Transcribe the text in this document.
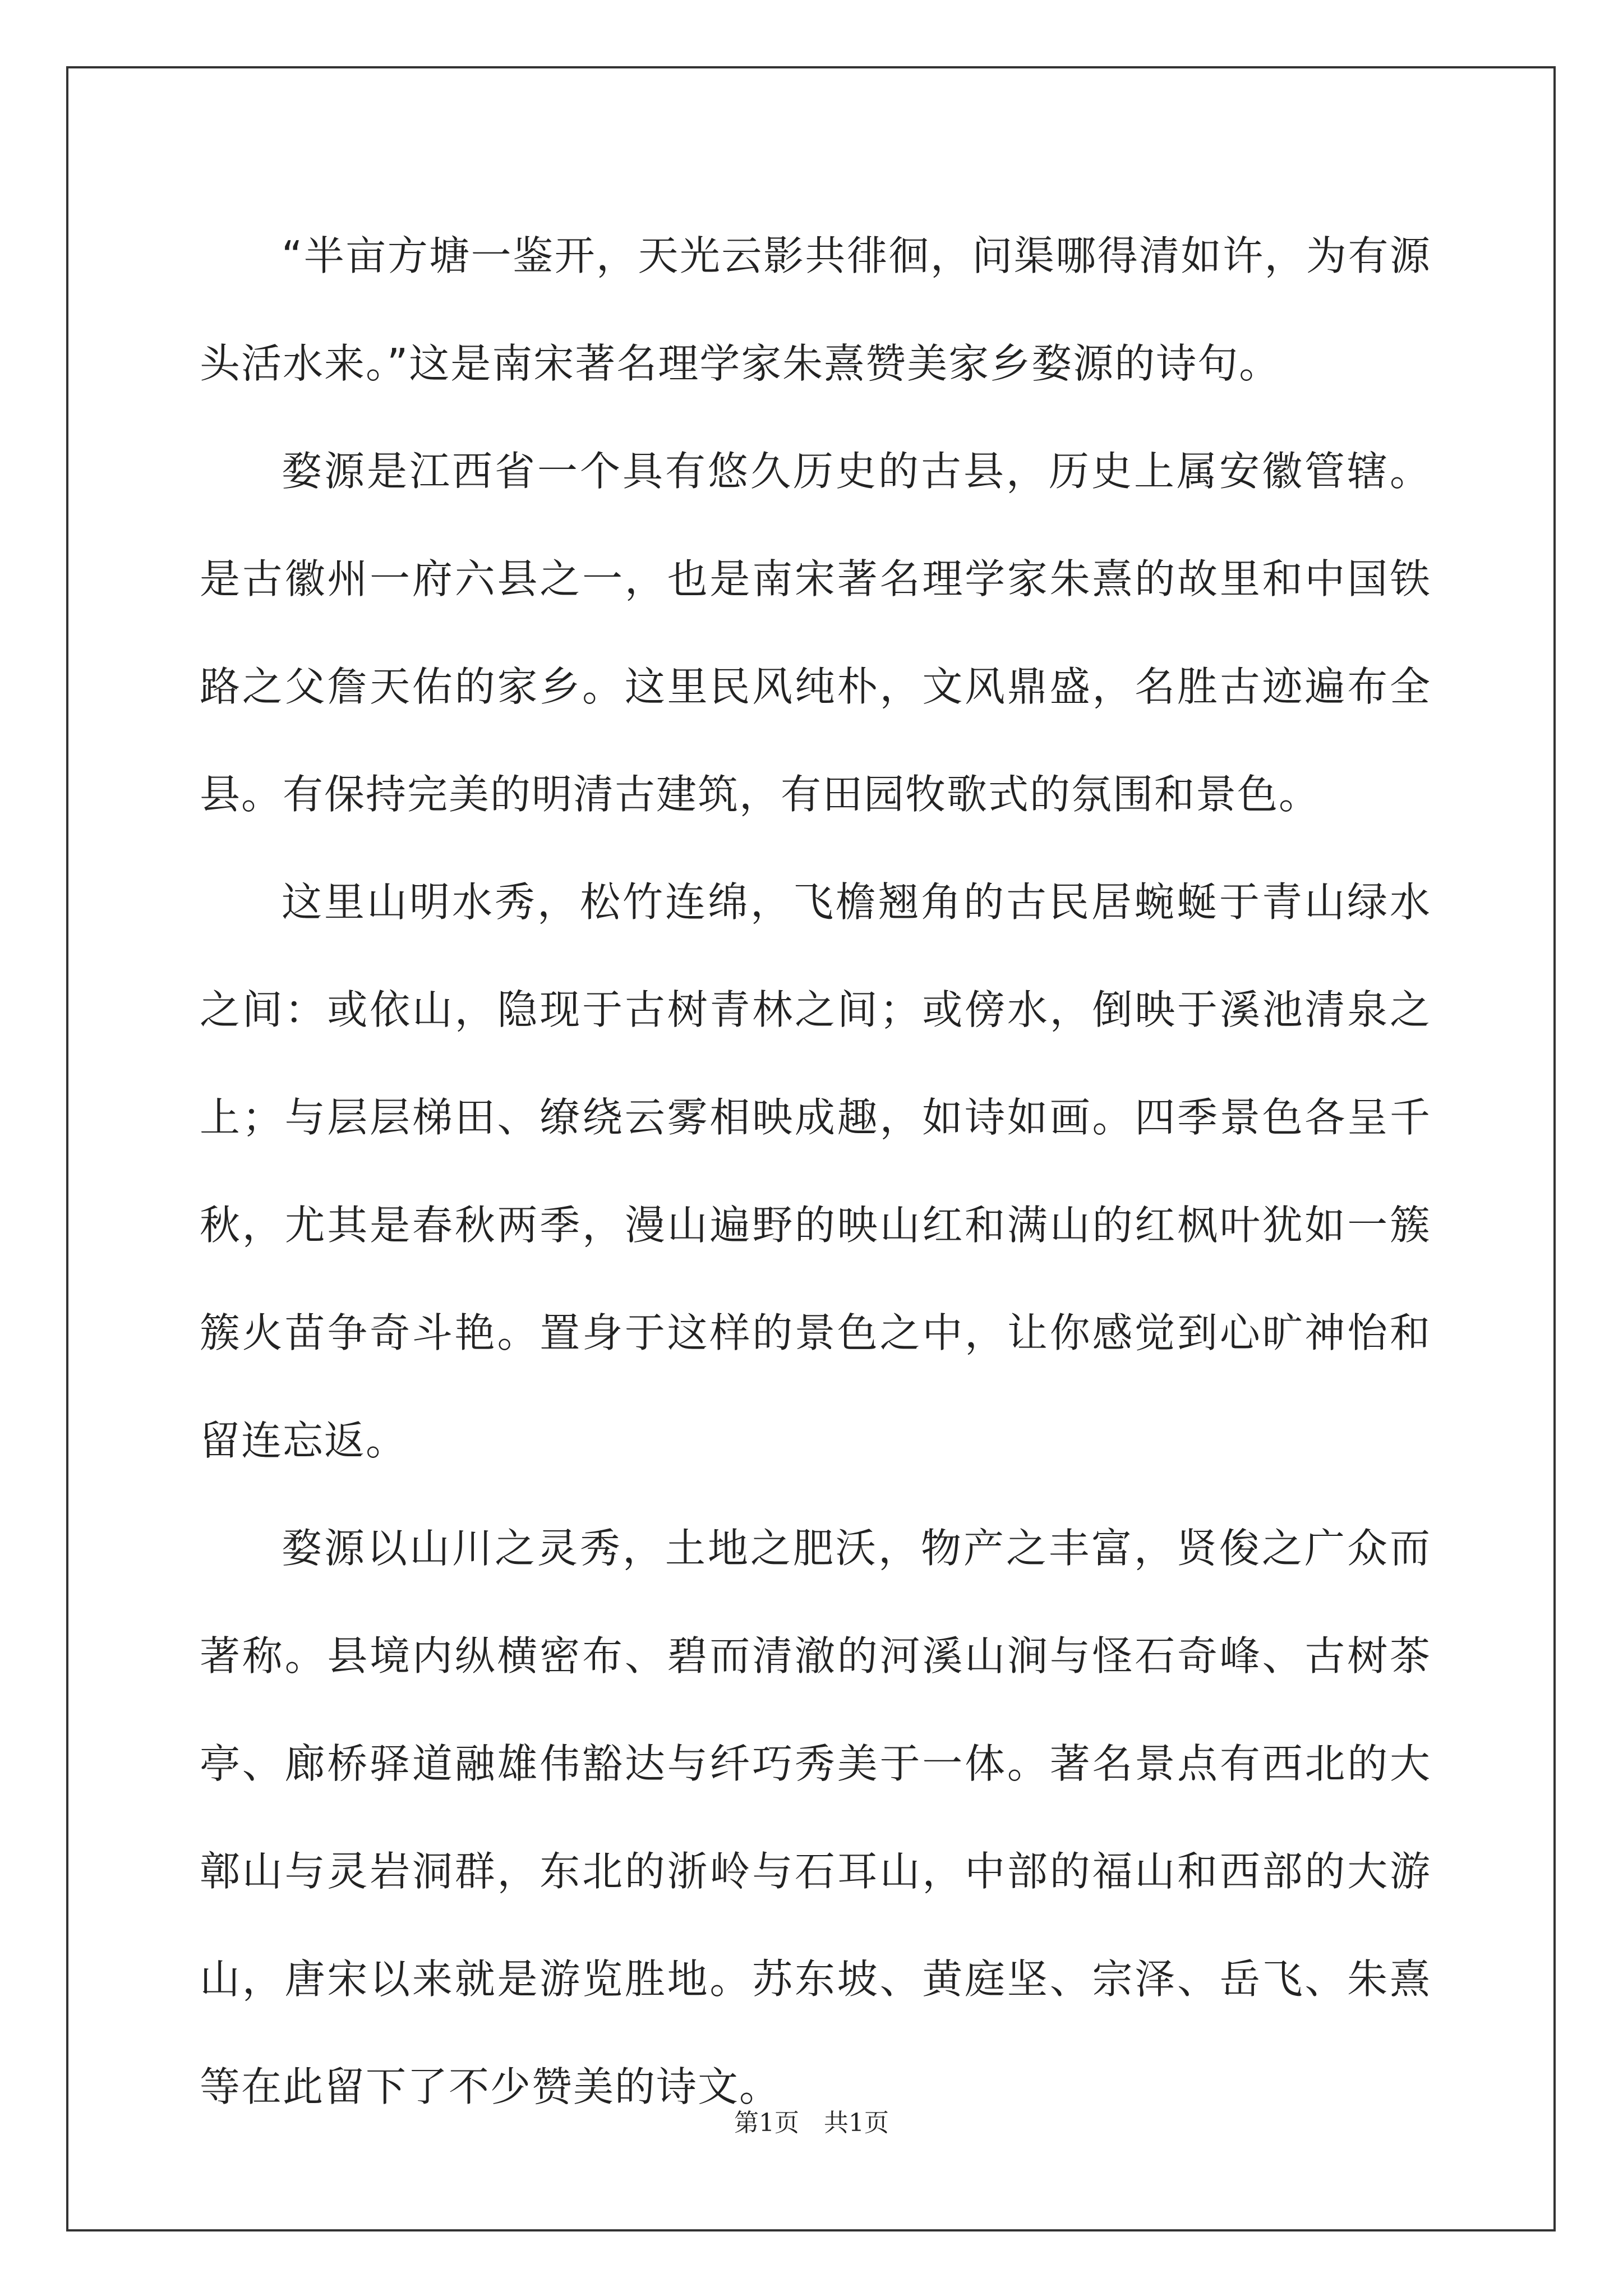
“半亩方塘一鉴开，天光云影共徘徊，问渠哪得清如许，为有源头活水来。”这是南宋著名理学家朱熹赞美家乡婺源的诗句。

婺源是江西省一个具有悠久历史的古县，历史上属安徽管辖。是古徽州一府六县之一，也是南宋著名理学家朱熹的故里和中国铁路之父詹天佑的家乡。这里民风纯朴，文风鼎盛，名胜古迹遍布全县。有保持完美的明清古建筑，有田园牧歌式的氛围和景色。

这里山明水秀，松竹连绵，飞檐翘角的古民居蜿蜒于青山绿水之间：或依山，隐现于古树青林之间；或傍水，倒映于溪池清泉之上；与层层梯田、缭绕云雾相映成趣，如诗如画。四季景色各呈千秋，尤其是春秋两季，漫山遍野的映山红和满山的红枫叶犹如一簇簇火苗争奇斗艳。置身于这样的景色之中，让你感觉到心旷神怡和留连忘返。

婺源以山川之灵秀，土地之肥沃，物产之丰富，贤俊之广众而著称。县境内纵横密布、碧而清澈的河溪山涧与怪石奇峰、古树茶亭、廊桥驿道融雄伟豁达与纤巧秀美于一体。著名景点有西北的大鄣山与灵岩洞群，东北的浙岭与石耳山，中部的福山和西部的大游山，唐宋以来就是游览胜地。苏东坡、黄庭坚、宗泽、岳飞、朱熹等在此留下了不少赞美的诗文。

第1页　共1页
